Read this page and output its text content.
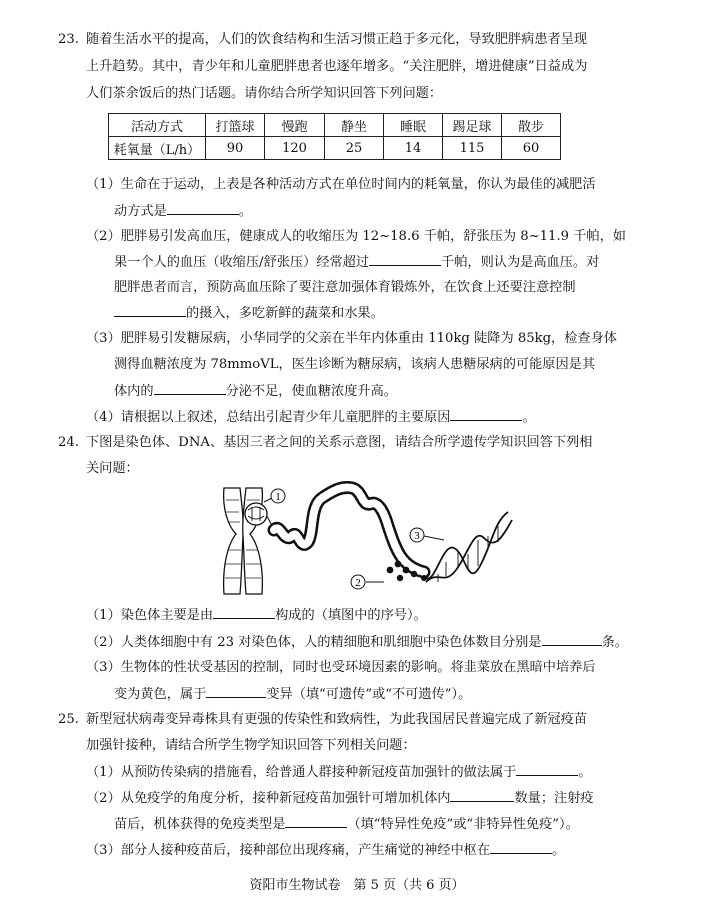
23. 随着生活水平的提高，人们的饮食结构和生活习惯正趋于多元化，导致肥胖病患者呈现
上升趋势。其中，青少年和儿童肥胖患者也逐年增多。“关注肥胖，增进健康”日益成为
人们茶余饭后的热门话题。请你结合所学知识回答下列问题：
活动方式	打篮球	慢跑	静坐	睡眠	踢足球	散步
耗氧量（L/h）	90	120	25	14	115	60
（1）生命在于运动，上表是各种活动方式在单位时间内的耗氧量，你认为最佳的减肥活
动方式是	。
（2）肥胖易引发高血压，健康成人的收缩压为 12~18.6 千帕，舒张压为 8~11.9 千帕，如
果一个人的血压（收缩压/舒张压）经常超过	千帕，则认为是高血压。对
肥胖患者而言，预防高血压除了要注意加强体育锻炼外，在饮食上还要注意控制
的摄入，多吃新鲜的蔬菜和水果。
（3）肥胖易引发糖尿病，小华同学的父亲在半年内体重由 110kg 陡降为 85kg，检查身体
测得血糖浓度为 78mmoVL，医生诊断为糖尿病，该病人患糖尿病的可能原因是其
体内的	分泌不足，使血糖浓度升高。
（4）请根据以上叙述，总结出引起青少年儿童肥胖的主要原因	。
24. 下图是染色体、DNA、基因三者之间的关系示意图，请结合所学遗传学知识回答下列相
关问题：
1
2
3
（1）染色体主要是由	构成的（填图中的序号）。
（2）人类体细胞中有 23 对染色体，人的精细胞和肌细胞中染色体数目分别是	条。
（3）生物体的性状受基因的控制，同时也受环境因素的影响。将韭菜放在黑暗中培养后
变为黄色，属于	变异（填“可遗传”或“不可遗传”）。
25. 新型冠状病毒变异毒株具有更强的传染性和致病性，为此我国居民普遍完成了新冠疫苗
加强针接种，请结合所学生物学知识回答下列相关问题：
（1）从预防传染病的措施看，给普通人群接种新冠疫苗加强针的做法属于	。
（2）从免疫学的角度分析，接种新冠疫苗加强针可增加机体内	数量；注射疫
苗后，机体获得的免疫类型是	（填“特异性免疫”或“非特异性免疫”）。
（3）部分人接种疫苗后，接种部位出现疼痛，产生痛觉的神经中枢在	。
资阳市生物试卷　第 5 页（共 6 页）
